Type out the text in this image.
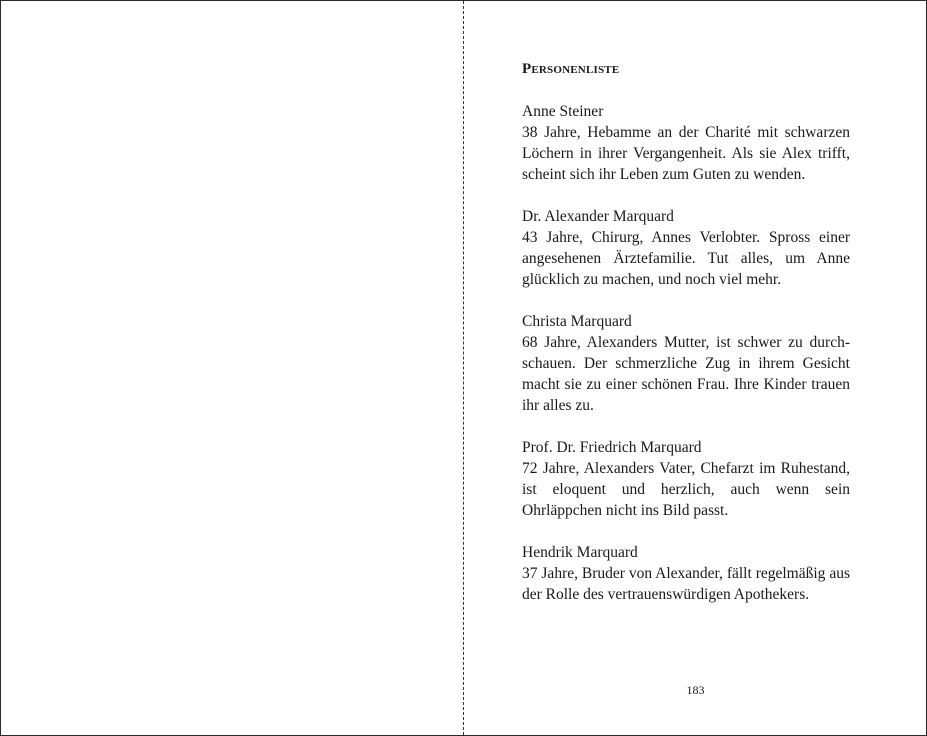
Personenliste
Anne Steiner
38 Jahre, Hebamme an der Charité mit schwarzen Löchern in ihrer Vergangenheit. Als sie Alex trifft, scheint sich ihr Leben zum Guten zu wenden.
Dr. Alexander Marquard
43 Jahre, Chirurg, Annes Verlobter. Spross einer angesehenen Ärztefamilie. Tut alles, um Anne glücklich zu machen, und noch viel mehr.
Christa Marquard
68 Jahre, Alexanders Mutter, ist schwer zu durchschauen. Der schmerzliche Zug in ihrem Gesicht macht sie zu einer schönen Frau. Ihre Kinder trauen ihr alles zu.
Prof. Dr. Friedrich Marquard
72 Jahre, Alexanders Vater, Chefarzt im Ruhestand, ist eloquent und herzlich, auch wenn sein Ohrläppchen nicht ins Bild passt.
Hendrik Marquard
37 Jahre, Bruder von Alexander, fällt regelmäßig aus der Rolle des vertrauenswürdigen Apothekers.
183
